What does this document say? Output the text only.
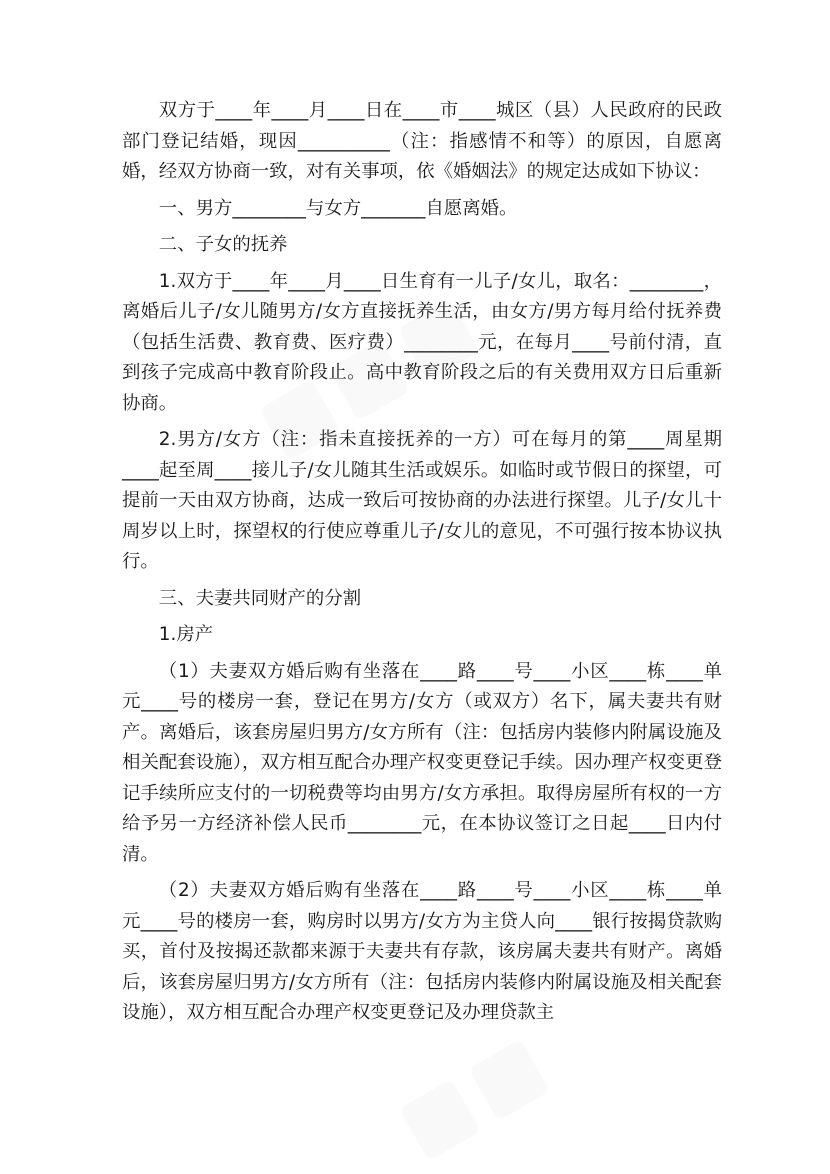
双方于____年____月____日在____市____城区（县）人民政府的民政部门登记结婚，现因__________（注：指感情不和等）的原因，自愿离婚，经双方协商一致，对有关事项，依《婚姻法》的规定达成如下协议：

一、男方________与女方_______自愿离婚。

二、子女的抚养

1.双方于____年____月____日生育有一儿子/女儿，取名：________，离婚后儿子/女儿随男方/女方直接抚养生活，由女方/男方每月给付抚养费（包括生活费、教育费、医疗费）________元，在每月____号前付清，直到孩子完成高中教育阶段止。高中教育阶段之后的有关费用双方日后重新协商。

2.男方/女方（注：指未直接抚养的一方）可在每月的第____周星期____起至周____接儿子/女儿随其生活或娱乐。如临时或节假日的探望，可提前一天由双方协商，达成一致后可按协商的办法进行探望。儿子/女儿十周岁以上时，探望权的行使应尊重儿子/女儿的意见，不可强行按本协议执行。

三、夫妻共同财产的分割

1.房产

（1）夫妻双方婚后购有坐落在____路____号____小区____栋____单元____号的楼房一套，登记在男方/女方（或双方）名下，属夫妻共有财产。离婚后，该套房屋归男方/女方所有（注：包括房内装修内附属设施及相关配套设施），双方相互配合办理产权变更登记手续。因办理产权变更登记手续所应支付的一切税费等均由男方/女方承担。取得房屋所有权的一方给予另一方经济补偿人民币________元，在本协议签订之日起____日内付清。

（2）夫妻双方婚后购有坐落在____路____号____小区____栋____单元____号的楼房一套，购房时以男方/女方为主贷人向____银行按揭贷款购买，首付及按揭还款都来源于夫妻共有存款，该房属夫妻共有财产。离婚后，该套房屋归男方/女方所有（注：包括房内装修内附属设施及相关配套设施），双方相互配合办理产权变更登记及办理贷款主
